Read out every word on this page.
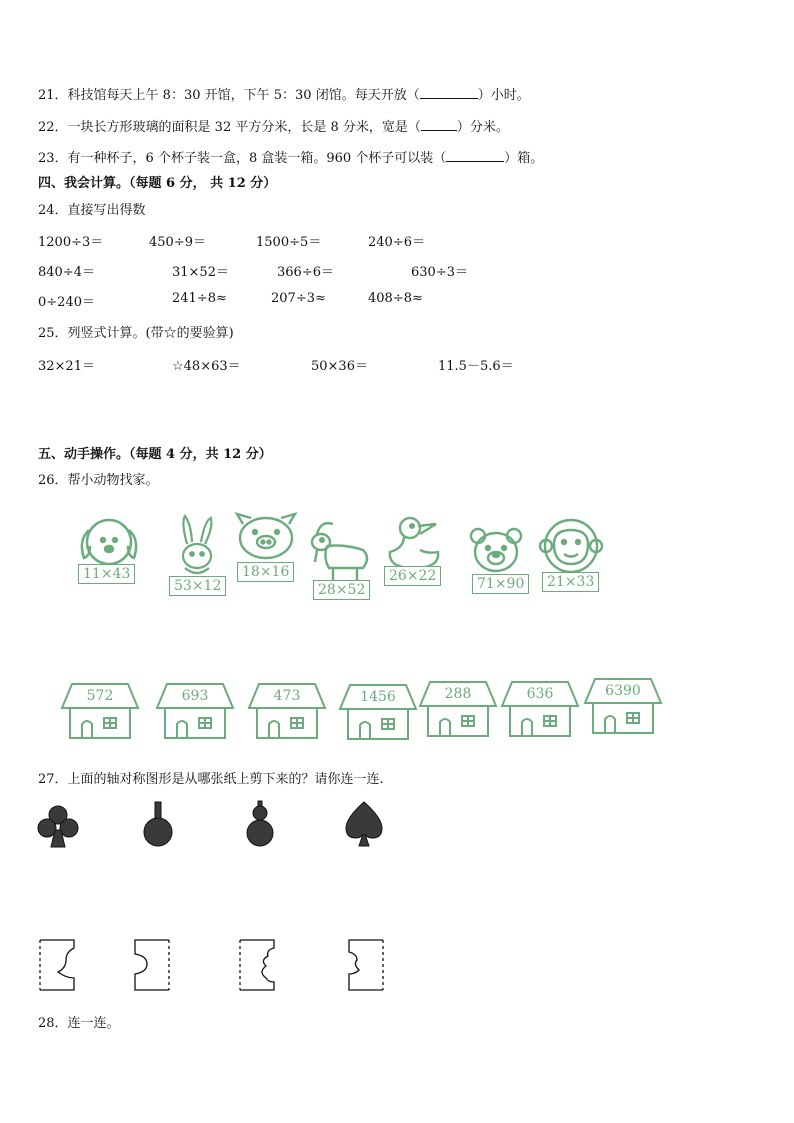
21．科技馆每天上午 8：30 开馆，下午 5：30 闭馆。每天开放（	）小时。
22．一块长方形玻璃的面积是 32 平方分米，长是 8 分米，宽是（	）分米。
23．有一种杯子，6 个杯子装一盒，8 盒装一箱。960 个杯子可以装（	）箱。
四、我会计算。（每题 6 分， 共 12 分）
24．直接写出得数
1200÷3＝	450÷9＝	1500÷5＝	240÷6＝
840÷4＝	31×52＝	366÷6＝	630÷3＝
0÷240＝	241÷8≈	207÷3≈	408÷8≈
25．列竖式计算。(带☆的要验算)
32×21＝	☆48×63＝	50×36＝	11.5－5.6＝
五、动手操作。（每题 4 分，共 12 分）
26．帮小动物找家。
11×43
53×12
18×16
28×52
26×22	71×90	21×33
572	693	473	1456	288	636	6390
27．上面的轴对称图形是从哪张纸上剪下来的？请你连一连.
28．连一连。
